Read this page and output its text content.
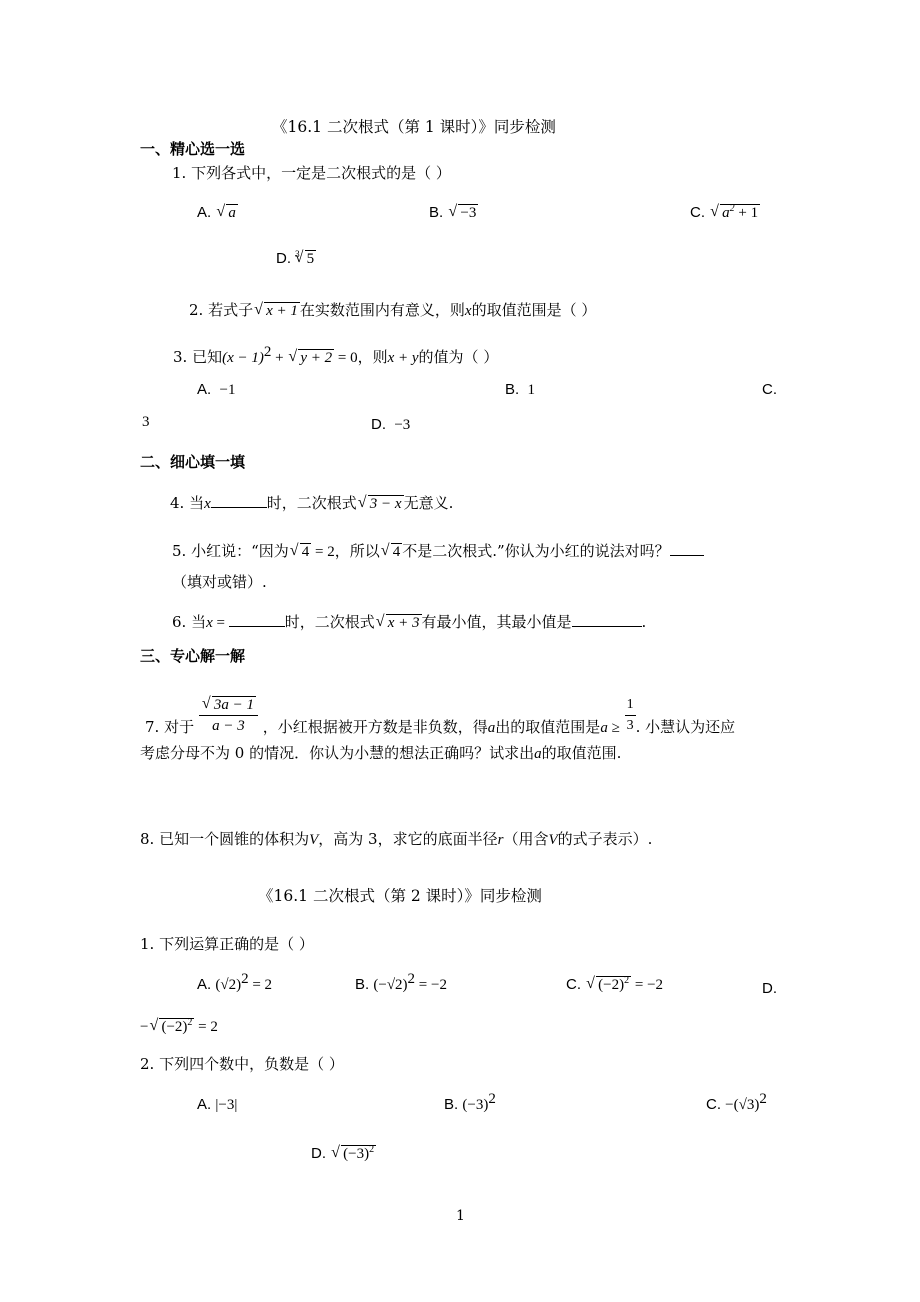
《16.1 二次根式（第 1 课时）》同步检测
一、精心选一选
1. 下列各式中，一定是二次根式的是（ ）
A. √ a	B. √ −3	C. √ $a^2 + 1$
D. $^3$ √ 5
2. 若式子 √ x + 1 在实数范围内有意义，则x的取值范围是（ ）
3. 已知$(x - 1)^2$ + √ y + 2 = 0，则x + y的值为（ ）
A. −1	B. 1	C.
3	D. −3
二、细心填一填
4. 当x	时，二次根式 √ 3 − x 无意义.
5. 小红说：“因为 √ 4 = 2，所以 √ 4 不是二次根式.”你认为小红的说法对吗？
（填对或错）.
6. 当x =	时，二次根式 √ x + 3 有最小值，其最小值是	.
三、专心解一解
7. 对于 √ $\frac{3a - 1}{a - 3}$ ，小红根据被开方数是非负数，得a出的取值范围是$a \ge \frac{1}{3}$ . 小慧认为还应
考虑分母不为 0 的情况．你认为小慧的想法正确吗？试求出a的取值范围.
8. 已知一个圆锥的体积为V，高为 3，求它的底面半径r（用含V的式子表示）.
《16.1 二次根式（第 2 课时）》同步检测
1. 下列运算正确的是（ ）
A. $(√2)^2 = 2$	B. $(-√2)^2 = -2$	C. √ $(-2)^2 = -2$	D.
− √ $(-2)^2 = 2$
2. 下列四个数中，负数是（ ）
A. |−3|	B. $(-3)^2$	C. $-(√3)^2$
D. √ $(-3)^2$
1
